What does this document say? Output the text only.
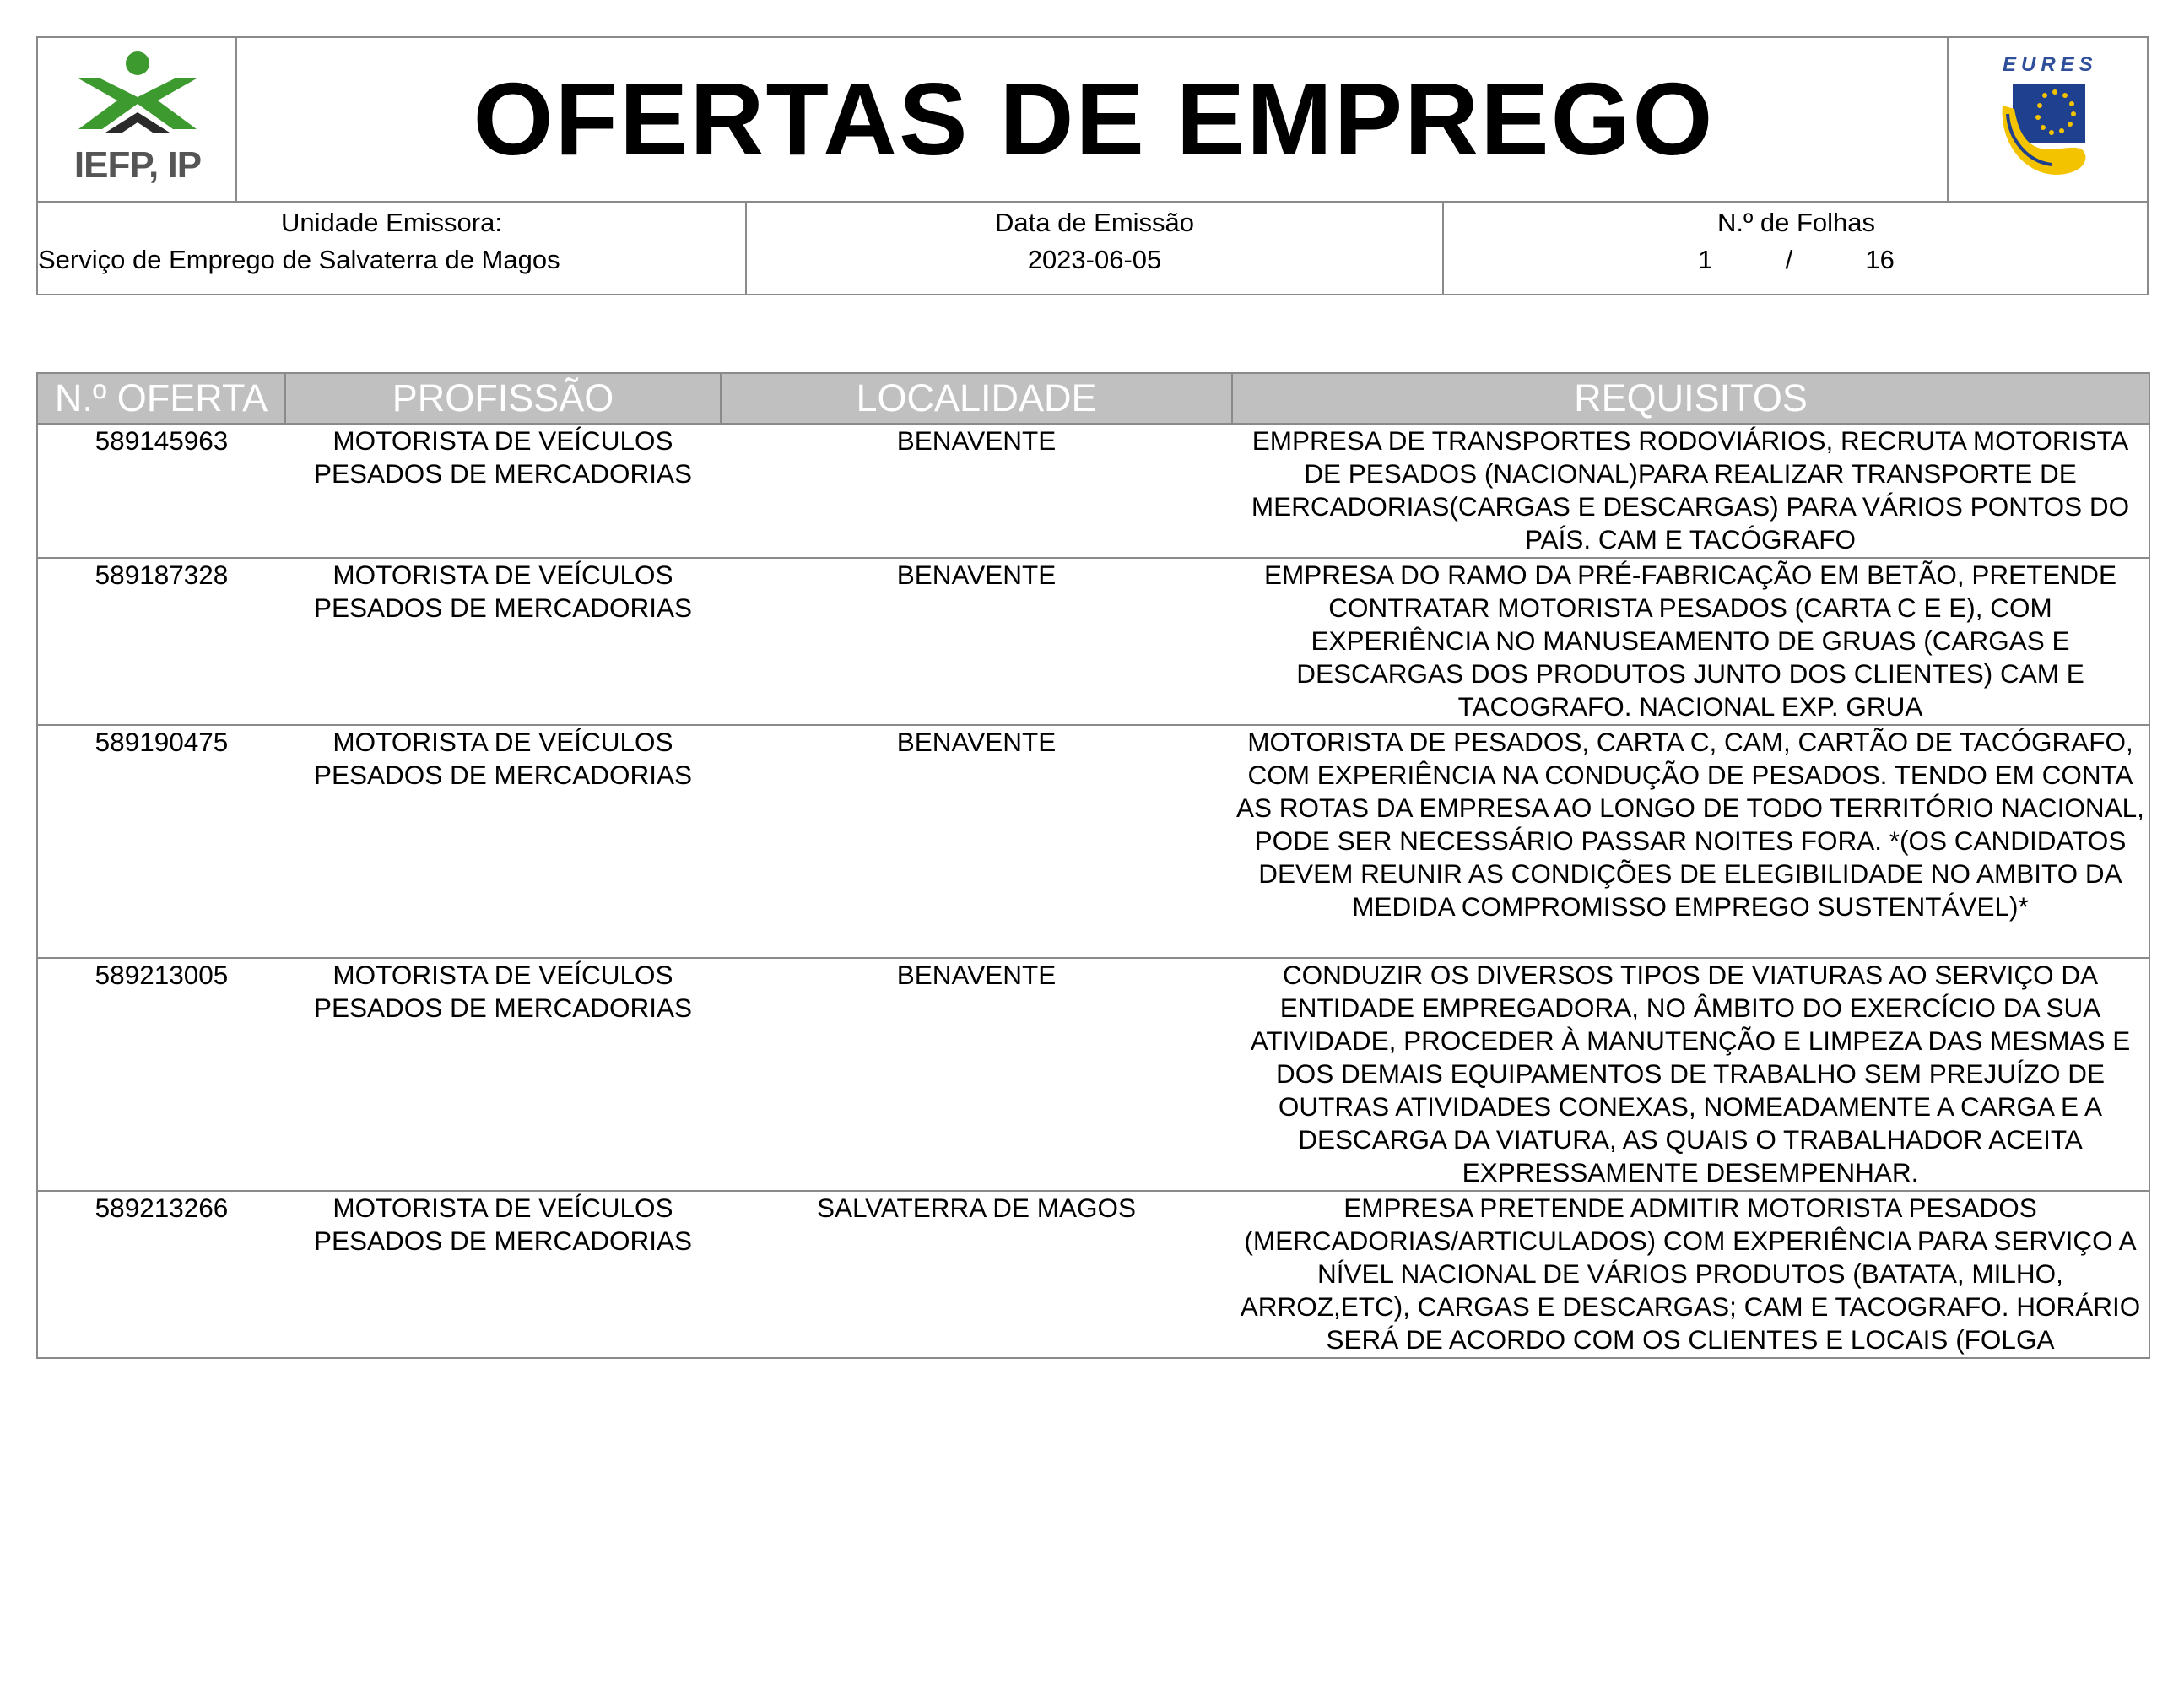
IEFP, IP	OFERTAS DE EMPREGO	EURES
Unidade Emissora:
Serviço de Emprego de Salvaterra de Magos
Data de Emissão
2023-06-05
N.º de Folhas
1	/	16
N.º OFERTA	PROFISSÃO	LOCALIDADE	REQUISITOS
589145963	MOTORISTA DE VEÍCULOS PESADOS DE MERCADORIAS	BENAVENTE	EMPRESA DE TRANSPORTES RODOVIÁRIOS, RECRUTA MOTORISTA DE PESADOS (NACIONAL)PARA REALIZAR TRANSPORTE DE MERCADORIAS(CARGAS E DESCARGAS) PARA VÁRIOS PONTOS DO PAÍS. CAM E TACÓGRAFO
589187328	MOTORISTA DE VEÍCULOS PESADOS DE MERCADORIAS	BENAVENTE	EMPRESA DO RAMO DA PRÉ-FABRICAÇÃO EM BETÃO, PRETENDE CONTRATAR MOTORISTA PESADOS (CARTA C E E), COM EXPERIÊNCIA NO MANUSEAMENTO DE GRUAS (CARGAS E DESCARGAS DOS PRODUTOS JUNTO DOS CLIENTES) CAM E TACOGRAFO. NACIONAL EXP. GRUA
589190475	MOTORISTA DE VEÍCULOS PESADOS DE MERCADORIAS	BENAVENTE	MOTORISTA DE PESADOS, CARTA C, CAM, CARTÃO DE TACÓGRAFO, COM EXPERIÊNCIA NA CONDUÇÃO DE PESADOS. TENDO EM CONTA AS ROTAS DA EMPRESA AO LONGO DE TODO TERRITÓRIO NACIONAL, PODE SER NECESSÁRIO PASSAR NOITES FORA. *(OS CANDIDATOS DEVEM REUNIR AS CONDIÇÕES DE ELEGIBILIDADE NO AMBITO DA MEDIDA COMPROMISSO EMPREGO SUSTENTÁVEL)*
589213005	MOTORISTA DE VEÍCULOS PESADOS DE MERCADORIAS	BENAVENTE	CONDUZIR OS DIVERSOS TIPOS DE VIATURAS AO SERVIÇO DA ENTIDADE EMPREGADORA, NO ÂMBITO DO EXERCÍCIO DA SUA ATIVIDADE, PROCEDER À MANUTENÇÃO E LIMPEZA DAS MESMAS E DOS DEMAIS EQUIPAMENTOS DE TRABALHO SEM PREJUÍZO DE OUTRAS ATIVIDADES CONEXAS, NOMEADAMENTE A CARGA E A DESCARGA DA VIATURA, AS QUAIS O TRABALHADOR ACEITA EXPRESSAMENTE DESEMPENHAR.
589213266	MOTORISTA DE VEÍCULOS PESADOS DE MERCADORIAS	SALVATERRA DE MAGOS	EMPRESA PRETENDE ADMITIR MOTORISTA PESADOS (MERCADORIAS/ARTICULADOS) COM EXPERIÊNCIA PARA SERVIÇO A NÍVEL NACIONAL DE VÁRIOS PRODUTOS (BATATA, MILHO, ARROZ,ETC), CARGAS E DESCARGAS; CAM E TACOGRAFO. HORÁRIO SERÁ DE ACORDO COM OS CLIENTES E LOCAIS (FOLGA
